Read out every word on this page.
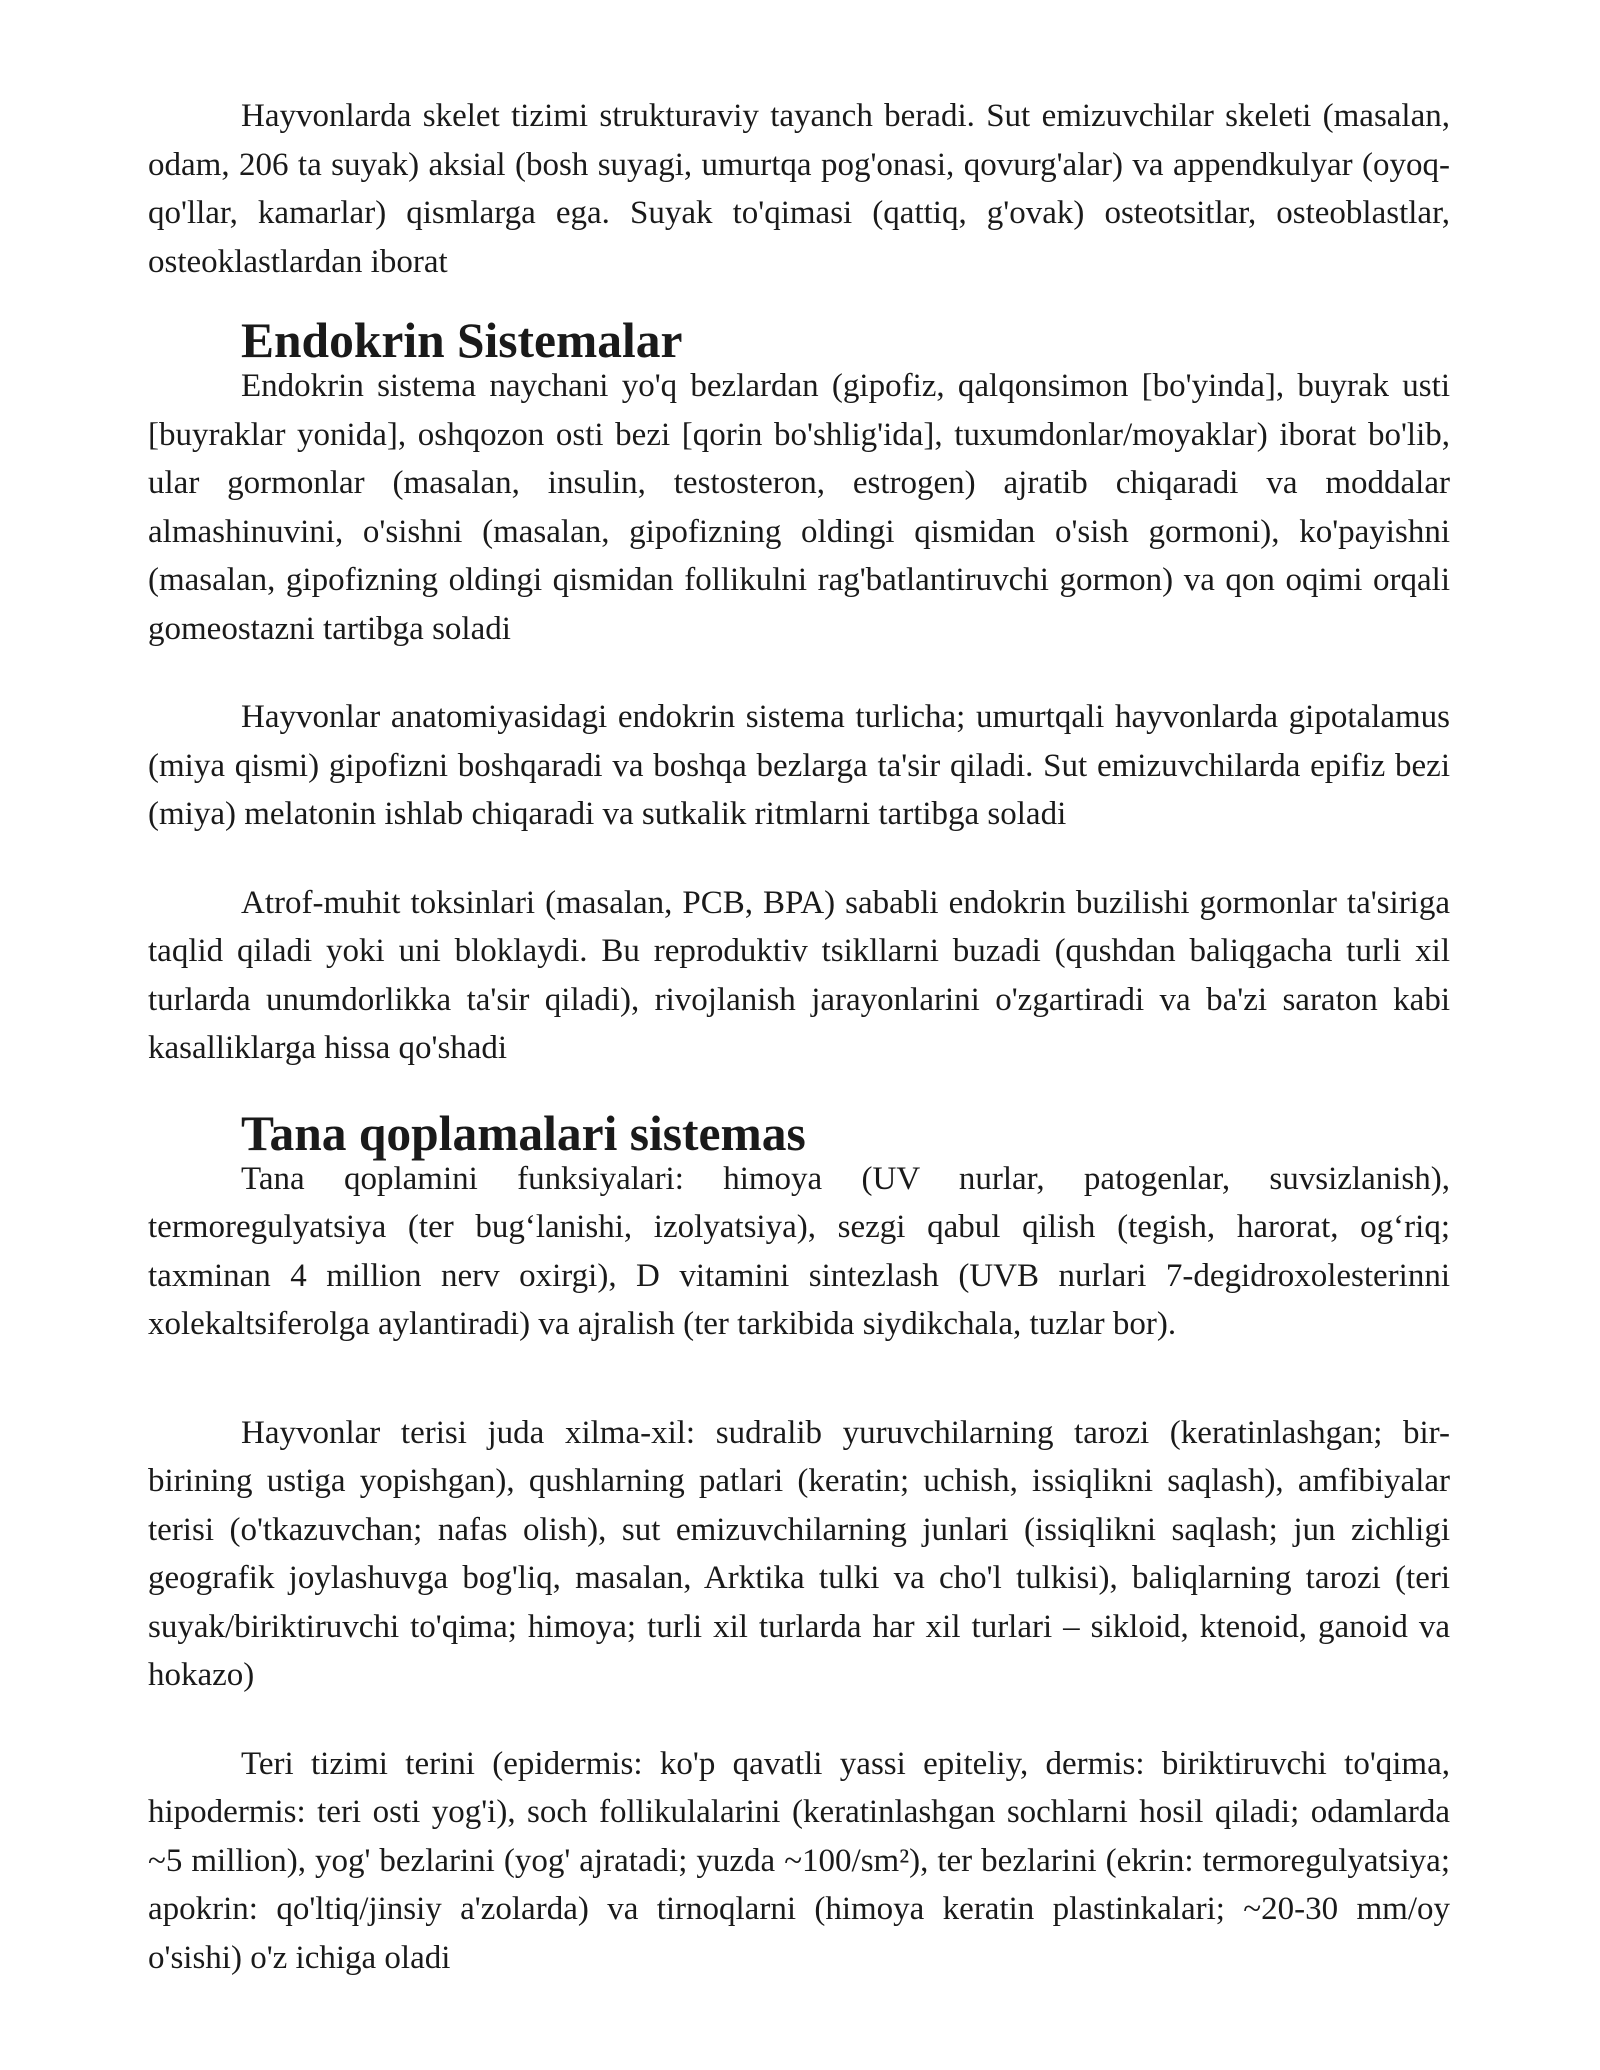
Hayvonlarda skelet tizimi strukturaviy tayanch beradi. Sut emizuvchilar skeleti (masalan, odam, 206 ta suyak) aksial (bosh suyagi, umurtqa pog'onasi, qovurg'alar) va appendkulyar (oyoq-qo'llar, kamarlar) qismlarga ega. Suyak to'qimasi (qattiq, g'ovak) osteotsitlar, osteoblastlar, osteoklastlardan iborat

Endokrin Sistemalar

Endokrin sistema naychani yo'q bezlardan (gipofiz, qalqonsimon [bo'yinda], buyrak usti [buyraklar yonida], oshqozon osti bezi [qorin bo'shlig'ida], tuxumdonlar/moyaklar) iborat bo'lib, ular gormonlar (masalan, insulin, testosteron, estrogen) ajratib chiqaradi va moddalar almashinuvini, o'sishni (masalan, gipofizning oldingi qismidan o'sish gormoni), ko'payishni (masalan, gipofizning oldingi qismidan follikulni rag'batlantiruvchi gormon) va qon oqimi orqali gomeostazni tartibga soladi

Hayvonlar anatomiyasidagi endokrin sistema turlicha; umurtqali hayvonlarda gipotalamus (miya qismi) gipofizni boshqaradi va boshqa bezlarga ta'sir qiladi. Sut emizuvchilarda epifiz bezi (miya) melatonin ishlab chiqaradi va sutkalik ritmlarni tartibga soladi

Atrof-muhit toksinlari (masalan, PCB, BPA) sababli endokrin buzilishi gormonlar ta'siriga taqlid qiladi yoki uni bloklaydi. Bu reproduktiv tsikllarni buzadi (qushdan baliqgacha turli xil turlarda unumdorlikka ta'sir qiladi), rivojlanish jarayonlarini o'zgartiradi va ba'zi saraton kabi kasalliklarga hissa qo'shadi

Tana qoplamalari sistemas

Tana qoplamini funksiyalari: himoya (UV nurlar, patogenlar, suvsizlanish), termoregulyatsiya (ter bug‘lanishi, izolyatsiya), sezgi qabul qilish (tegish, harorat, og‘riq; taxminan 4 million nerv oxirgi), D vitamini sintezlash (UVB nurlari 7-degidroxolesterinni xolekaltsiferolga aylantiradi) va ajralish (ter tarkibida siydikchala, tuzlar bor).

Hayvonlar terisi juda xilma-xil: sudralib yuruvchilarning tarozi (keratinlashgan; bir-birining ustiga yopishgan), qushlarning patlari (keratin; uchish, issiqlikni saqlash), amfibiyalar terisi (o'tkazuvchan; nafas olish), sut emizuvchilarning junlari (issiqlikni saqlash; jun zichligi geografik joylashuvga bog'liq, masalan, Arktika tulki va cho'l tulkisi), baliqlarning tarozi (teri suyak/biriktiruvchi to'qima; himoya; turli xil turlarda har xil turlari – sikloid, ktenoid, ganoid va hokazo)

Teri tizimi terini (epidermis: ko'p qavatli yassi epiteliy, dermis: biriktiruvchi to'qima, hipodermis: teri osti yog'i), soch follikulalarini (keratinlashgan sochlarni hosil qiladi; odamlarda ~5 million), yog' bezlarini (yog' ajratadi; yuzda ~100/sm²), ter bezlarini (ekrin: termoregulyatsiya; apokrin: qo'ltiq/jinsiy a'zolarda) va tirnoqlarni (himoya keratin plastinkalari; ~20-30 mm/oy o'sishi) o'z ichiga oladi
